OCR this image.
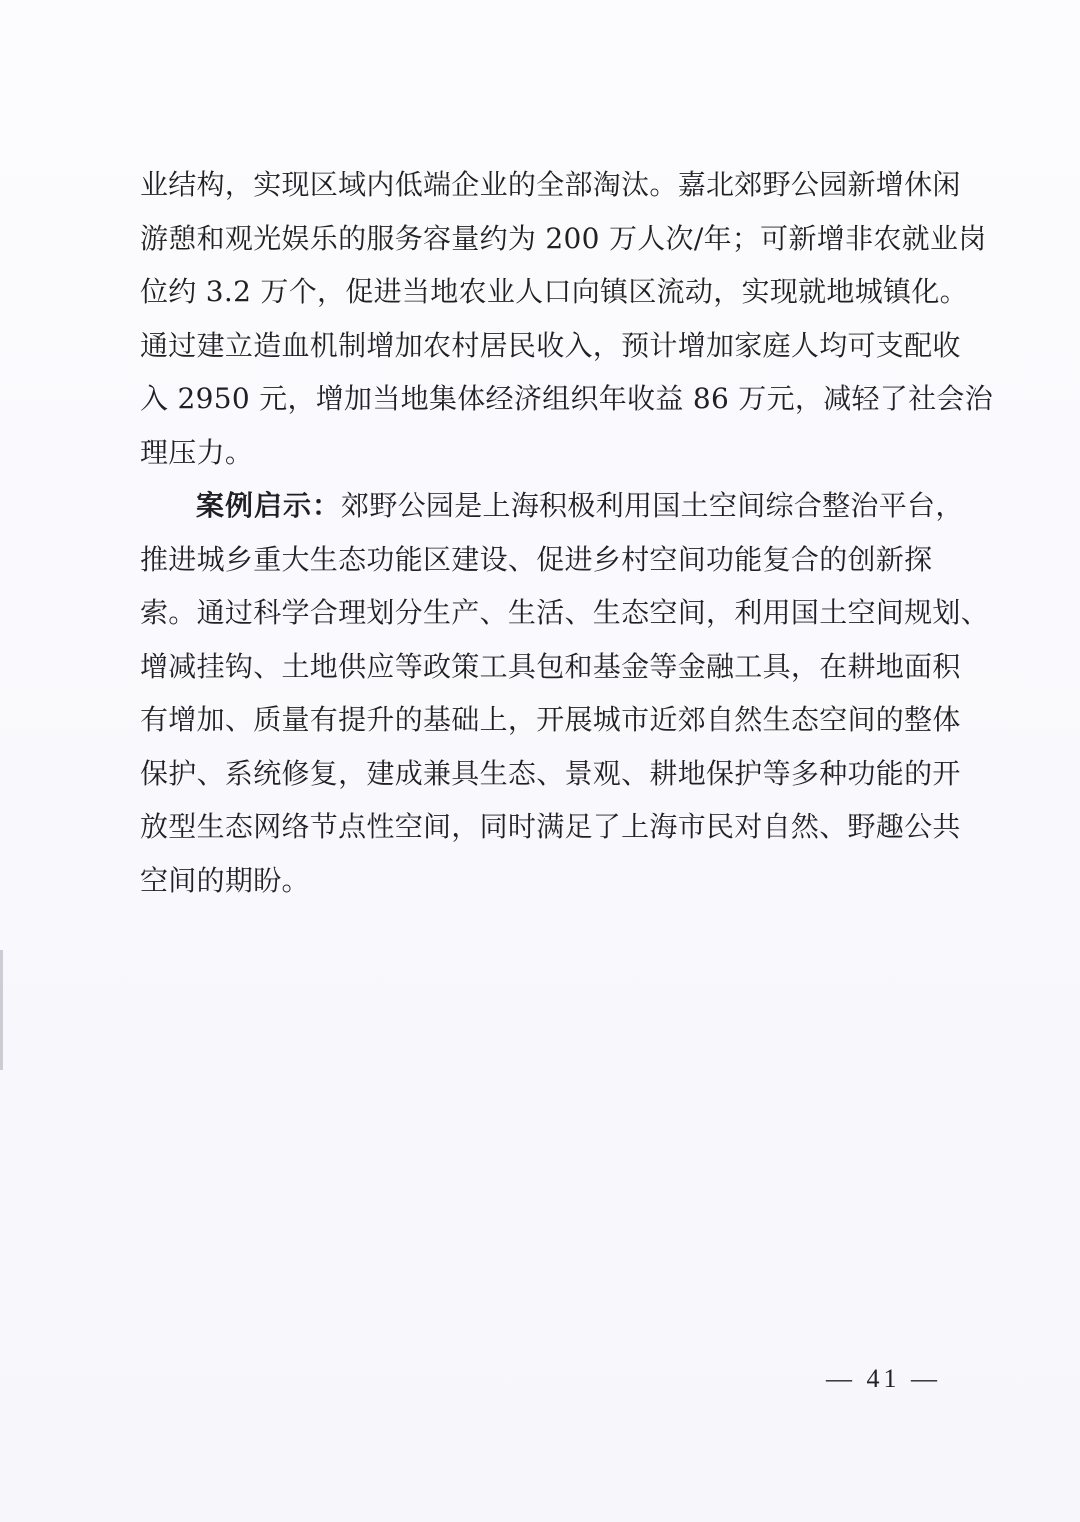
业结构，实现区域内低端企业的全部淘汰。嘉北郊野公园新增休闲
游憩和观光娱乐的服务容量约为 200 万人次/年；可新增非农就业岗
位约 3.2 万个，促进当地农业人口向镇区流动，实现就地城镇化。
通过建立造血机制增加农村居民收入，预计增加家庭人均可支配收
入 2950 元，增加当地集体经济组织年收益 86 万元，减轻了社会治
理压力。
案例启示：郊野公园是上海积极利用国土空间综合整治平台，
推进城乡重大生态功能区建设、促进乡村空间功能复合的创新探
索。通过科学合理划分生产、生活、生态空间，利用国土空间规划、
增减挂钩、土地供应等政策工具包和基金等金融工具，在耕地面积
有增加、质量有提升的基础上，开展城市近郊自然生态空间的整体
保护、系统修复，建成兼具生态、景观、耕地保护等多种功能的开
放型生态网络节点性空间，同时满足了上海市民对自然、野趣公共
空间的期盼。
— 41 —
